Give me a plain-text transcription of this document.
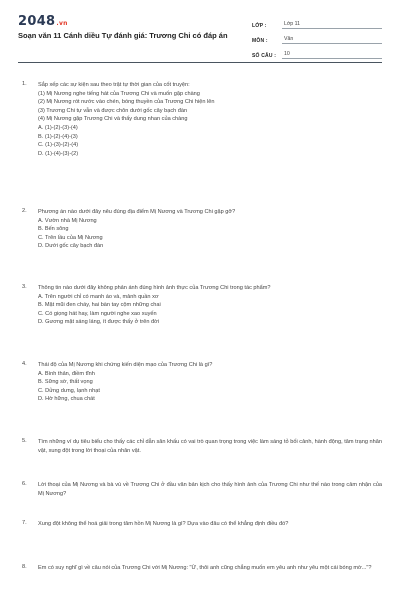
2048.vn
Soạn văn 11 Cánh diều Tự đánh giá: Trương Chi có đáp án
LỚP :	Lớp 11
MÔN :	Văn
SỐ CÂU :	10
1. Sắp xếp các sự kiện sau theo trật tự thời gian của cốt truyện:
(1) Mị Nương nghe tiếng hát của Trương Chi và muốn gặp chàng
(2) Mị Nương rót nước vào chén, bóng thuyền của Trương Chi hiện lên
(3) Trương Chi tự vẫn và được chôn dưới gốc cây bạch đàn
(4) Mị Nương gặp Trương Chi và thấy dung nhan của chàng
A. (1)-(2)-(3)-(4)
B. (1)-(2)-(4)-(3)
C. (1)-(3)-(2)-(4)
D. (1)-(4)-(3)-(2)
2. Phương án nào dưới đây nêu đúng địa điểm Mị Nương và Trương Chi gặp gỡ?
A. Vườn nhà Mị Nương
B. Bến sông
C. Trên lầu của Mị Nương
D. Dưới gốc cây bạch đàn
3. Thông tin nào dưới đây không phản ánh đúng hình ảnh thực của Trương Chi trong tác phẩm?
A. Trên người chỉ có manh áo và, mảnh quần xơ
B. Mặt mũi đen cháy, hai bàn tay cộm những chai
C. Có giọng hát hay, làm người nghe xao xuyến
D. Gương mặt sáng láng, ít được thấy ở trên đời
4. Thái độ của Mị Nương khi chứng kiến diện mạo của Trương Chi là gì?
A. Bình thản, điềm tĩnh
B. Sững sờ, thất vọng
C. Dửng dưng, lạnh nhạt
D. Hờ hững, chua chát
5. Tìm những ví dụ tiêu biểu cho thấy các chỉ dẫn sân khấu có vai trò quan trọng trong việc làm sáng tỏ bối cảnh, hành động, tâm trạng nhân vật, xung đột trong lời thoại của nhân vật.
6. Lời thoại của Mị Nương và bà vú về Trương Chi ở đầu văn bản kịch cho thấy hình ảnh của Trương Chi như thế nào trong cảm nhận của Mị Nương?
7. Xung đột không thể hoá giải trong tâm hồn Mị Nương là gì? Dựa vào đâu có thể khẳng định điều đó?
8. Em có suy nghĩ gì về câu nói của Trương Chi với Mị Nương: "Ừ, thôi anh cũng chẳng muốn em yêu anh như yêu một cái bóng mờ..."?
